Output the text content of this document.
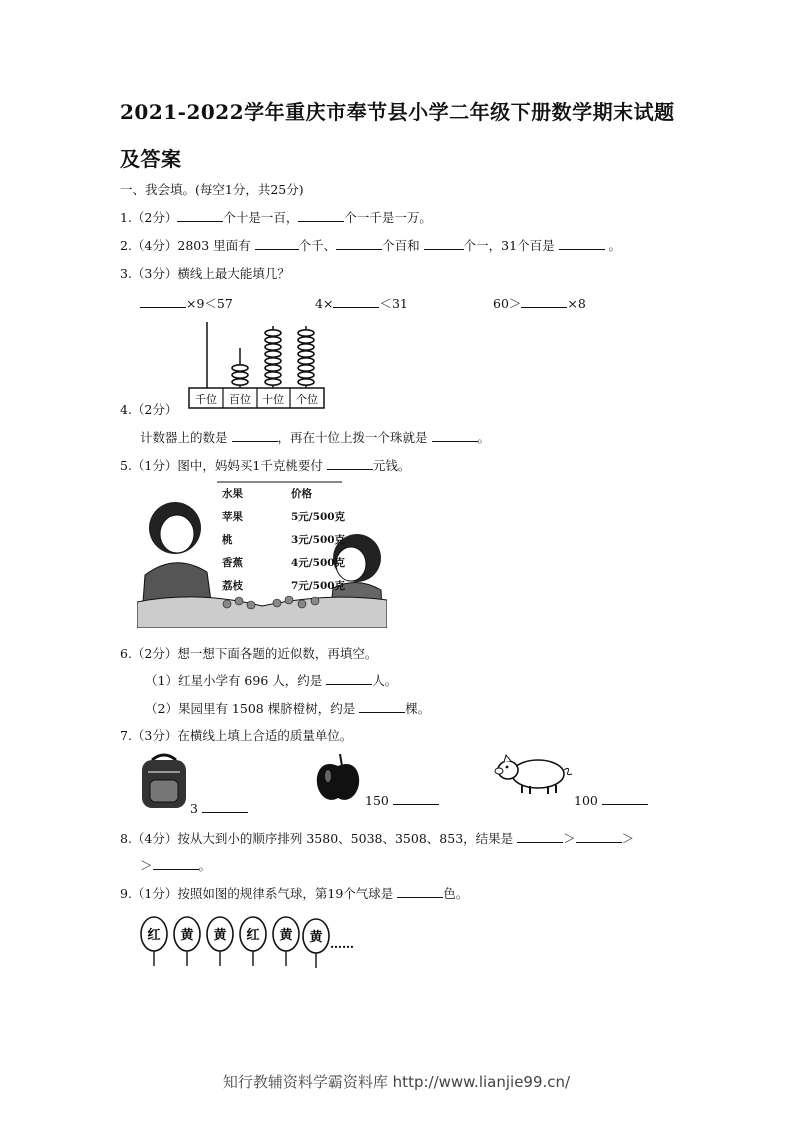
2021-2022学年重庆市奉节县小学二年级下册数学期末试题
及答案
一、我会填。(每空1分，共25分)
1.（2分）	个十是一百，	个一千是一万。
2.（4分）2803 里面有	个千、	个百和	个一，31个百是	。
3.（3分）横线上最大能填几？
×9＜57	4×	＜31	60＞	×8
千位 百位 十位 个位
4.（2分）
计数器上的数是	，再在十位上拨一个珠就是	。
5.（1分）图中，妈妈买1千克桃要付	元钱。
水果	价格
苹果	5元/500克
桃	3元/500克
香蕉	4元/500克
荔枝	7元/500克
6.（2分）想一想下面各题的近似数，再填空。
（1）红星小学有 696 人，约是	人。
（2）果园里有 1508 棵脐橙树，约是	棵。
7.（3分）在横线上填上合适的质量单位。
3
150	100
8.（4分）按从大到小的顺序排列 3580、5038、3508、853，结果是	＞	＞
＞	。
9.（1分）按照如图的规律系气球，第19个气球是	色。
红 黄 黄 红 黄 黄 ……
知行教辅资料学霸资料库 http://www.lianjie99.cn/
